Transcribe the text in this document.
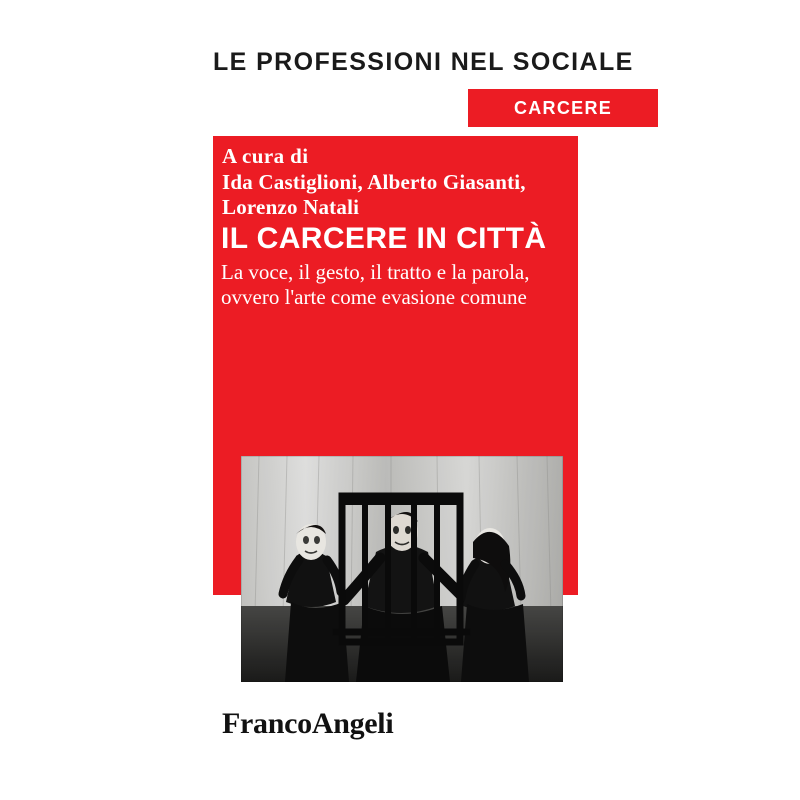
LE PROFESSIONI NEL SOCIALE
CARCERE
A cura di
Ida Castiglioni, Alberto Giasanti, Lorenzo Natali
IL CARCERE IN CITTÀ
La voce, il gesto, il tratto e la parola, ovvero l'arte come evasione comune
FrancoAngeli
